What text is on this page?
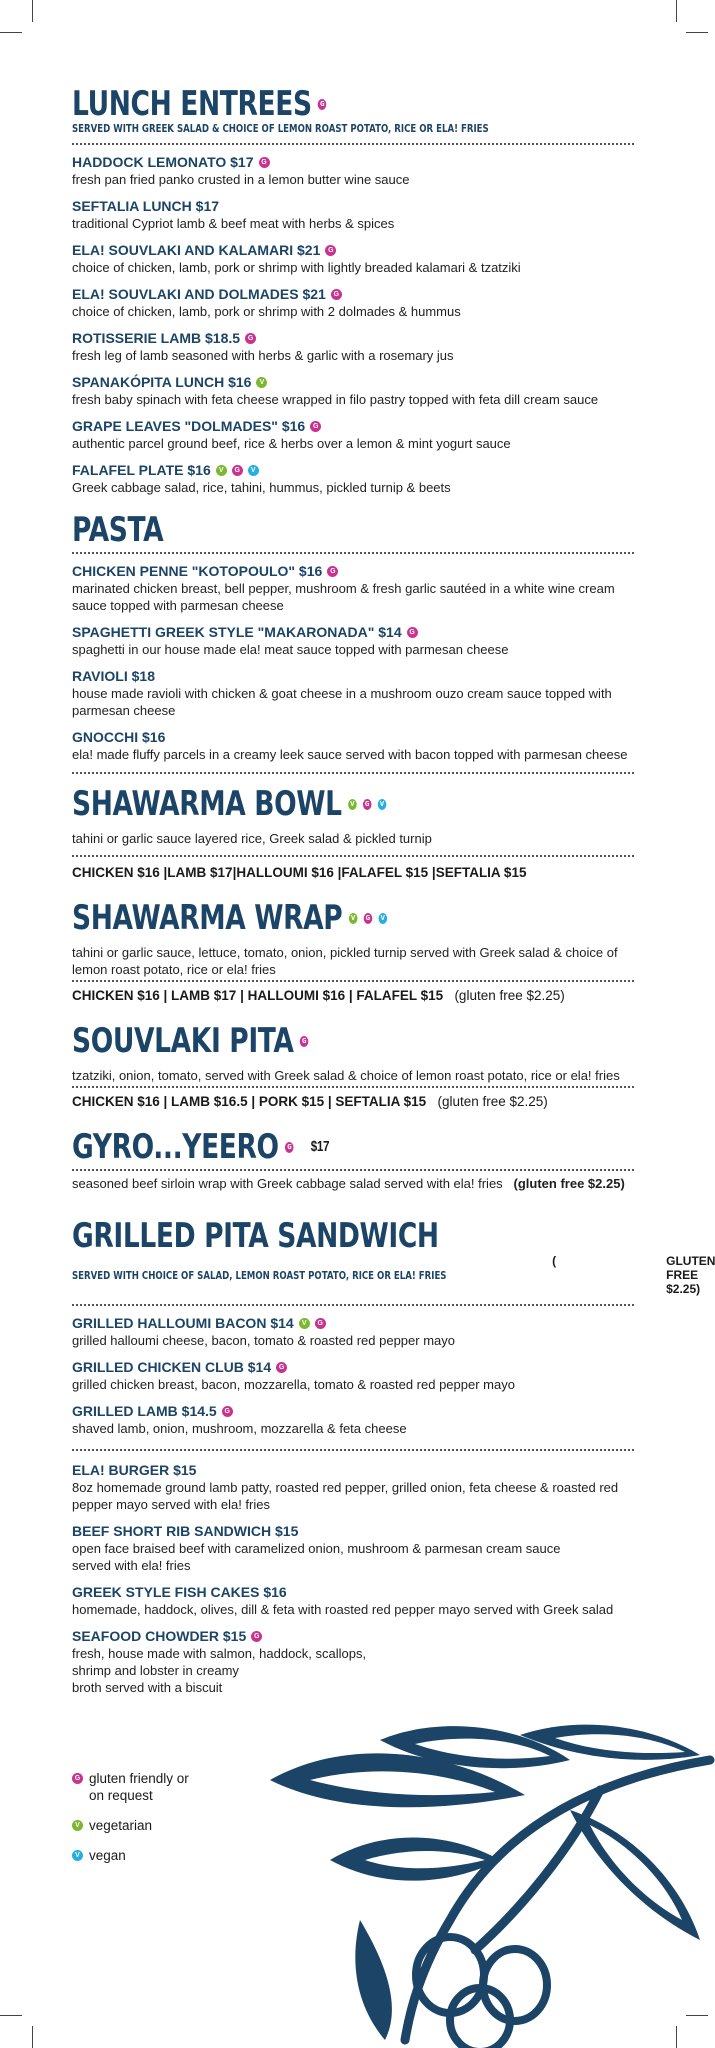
LUNCH ENTREES	G
SERVED WITH GREEK SALAD & CHOICE OF LEMON ROAST POTATO, RICE OR ELA! FRIES
HADDOCK LEMONATO $17	G
fresh pan fried panko crusted in a lemon butter wine sauce
SEFTALIA LUNCH $17
traditional Cypriot lamb & beef meat with herbs & spices
ELA! SOUVLAKI AND KALAMARI $21	G
choice of chicken, lamb, pork or shrimp with lightly breaded kalamari & tzatziki
ELA! SOUVLAKI AND DOLMADES $21	G
choice of chicken, lamb, pork or shrimp with 2 dolmades & hummus
ROTISSERIE LAMB $18.5	G
fresh leg of lamb seasoned with herbs & garlic with a rosemary jus
SPANAKÓPITA LUNCH $16	V
fresh baby spinach with feta cheese wrapped in filo pastry topped with feta dill cream sauce
GRAPE LEAVES "DOLMADES" $16	G
authentic parcel ground beef, rice & herbs over a lemon & mint yogurt sauce
FALAFEL PLATE $16	V	G	V
Greek cabbage salad, rice, tahini, hummus, pickled turnip & beets
PASTA
CHICKEN PENNE "KOTOPOULO" $16	G
marinated chicken breast, bell pepper, mushroom & fresh garlic sautéed in a white wine cream sauce topped with parmesan cheese
SPAGHETTI GREEK STYLE "MAKARONADA" $14	G
spaghetti in our house made ela! meat sauce topped with parmesan cheese
RAVIOLI $18
house made ravioli with chicken & goat cheese in a mushroom ouzo cream sauce topped with parmesan cheese
GNOCCHI $16
ela! made fluffy parcels in a creamy leek sauce served with bacon topped with parmesan cheese
SHAWARMA BOWL	V	G	V
tahini or garlic sauce layered rice, Greek salad & pickled turnip
CHICKEN $16 |LAMB $17|HALLOUMI $16 |FALAFEL $15 |SEFTALIA $15
SHAWARMA WRAP	V	G	V
tahini or garlic sauce, lettuce, tomato, onion, pickled turnip served with Greek salad & choice of lemon roast potato, rice or ela! fries
CHICKEN $16 | LAMB $17 | HALLOUMI $16 | FALAFEL $15 (gluten free $2.25)
SOUVLAKI PITA	G
tzatziki, onion, tomato, served with Greek salad & choice of lemon roast potato, rice or ela! fries
CHICKEN $16 | LAMB $16.5 | PORK $15 | SEFTALIA $15 (gluten free $2.25)
GYRO...YEERO	G $17
seasoned beef sirloin wrap with Greek cabbage salad served with ela! fries (gluten free $2.25)
GRILLED PITA SANDWICH
SERVED WITH CHOICE OF SALAD, LEMON ROAST POTATO, RICE OR ELA! FRIES
(	GLUTEN FREE $2.25)
GRILLED HALLOUMI BACON $14	V	G
grilled halloumi cheese, bacon, tomato & roasted red pepper mayo
GRILLED CHICKEN CLUB $14	G
grilled chicken breast, bacon, mozzarella, tomato & roasted red pepper mayo
GRILLED LAMB $14.5	G
shaved lamb, onion, mushroom, mozzarella & feta cheese
ELA! BURGER $15
8oz homemade ground lamb patty, roasted red pepper, grilled onion, feta cheese & roasted red pepper mayo served with ela! fries
BEEF SHORT RIB SANDWICH $15
open face braised beef with caramelized onion, mushroom & parmesan cream sauce
served with ela! fries
GREEK STYLE FISH CAKES $16
homemade, haddock, olives, dill & feta with roasted red pepper mayo served with Greek salad
SEAFOOD CHOWDER $15	G
fresh, house made with salmon, haddock, scallops,
shrimp and lobster in creamy
broth served with a biscuit
G gluten friendly or
on request
V vegetarian
V vegan
